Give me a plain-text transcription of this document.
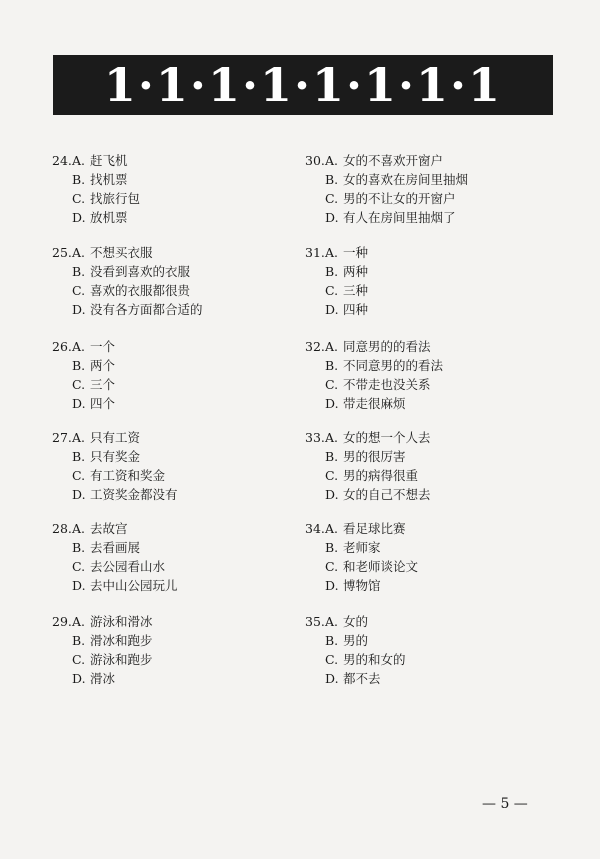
1·1·1·1·1·1·1·1
24. A. 赶飞机
B. 找机票
C. 找旅行包
D. 放机票
25. A. 不想买衣服
B. 没看到喜欢的衣服
C. 喜欢的衣服都很贵
D. 没有各方面都合适的
26. A. 一个
B. 两个
C. 三个
D. 四个
27. A. 只有工资
B. 只有奖金
C. 有工资和奖金
D. 工资奖金都没有
28. A. 去故宫
B. 去看画展
C. 去公园看山水
D. 去中山公园玩儿
29. A. 游泳和滑冰
B. 滑冰和跑步
C. 游泳和跑步
D. 滑冰
30. A. 女的不喜欢开窗户
B. 女的喜欢在房间里抽烟
C. 男的不让女的开窗户
D. 有人在房间里抽烟了
31. A. 一种
B. 两种
C. 三种
D. 四种
32. A. 同意男的的看法
B. 不同意男的的看法
C. 不带走也没关系
D. 带走很麻烦
33. A. 女的想一个人去
B. 男的很厉害
C. 男的病得很重
D. 女的自己不想去
34. A. 看足球比赛
B. 老师家
C. 和老师谈论文
D. 博物馆
35. A. 女的
B. 男的
C. 男的和女的
D. 都不去
— 5 —
